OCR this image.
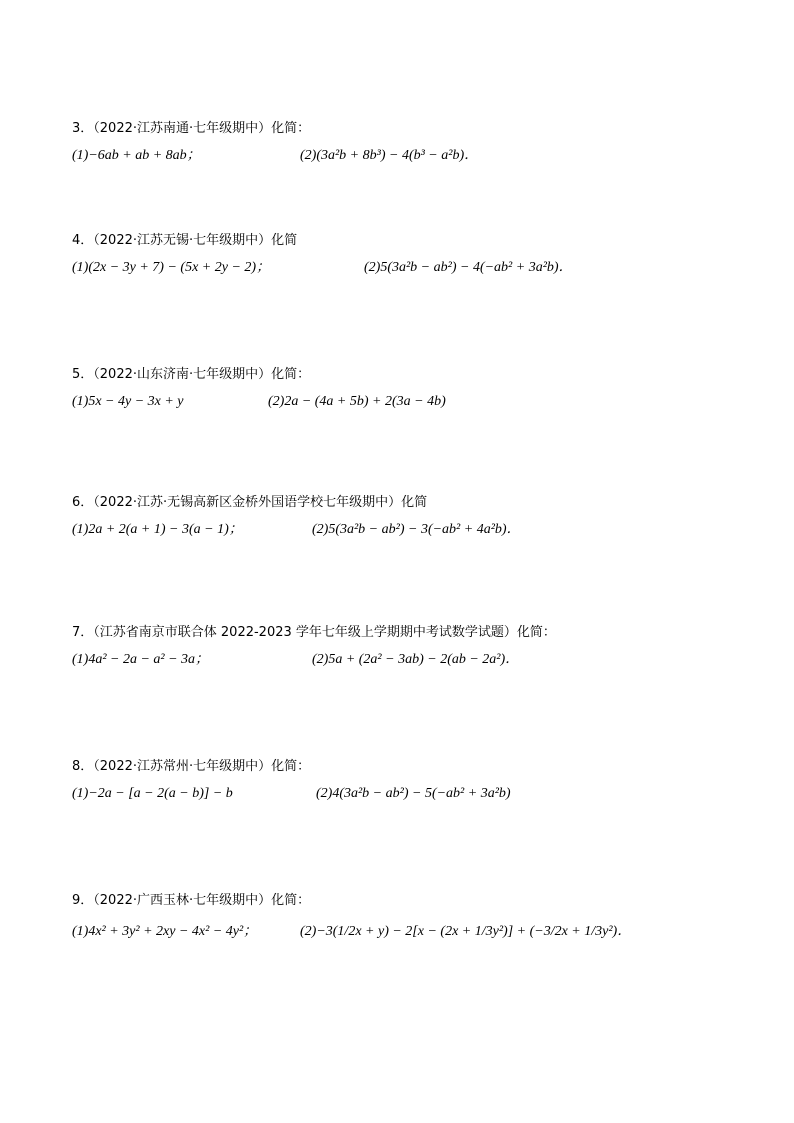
3．（2022·江苏南通·七年级期中）化简：
(1)−6ab + ab + 8ab；	(2)(3a²b + 8b³) − 4(b³ − a²b)．
4．（2022·江苏无锡·七年级期中）化简
(1)(2x − 3y + 7) − (5x + 2y − 2)；	(2)5(3a²b − ab²) − 4(−ab² + 3a²b)．
5．（2022·山东济南·七年级期中）化简：
(1)5x − 4y − 3x + y	(2)2a − (4a + 5b) + 2(3a − 4b)
6．（2022·江苏·无锡高新区金桥外国语学校七年级期中）化简
(1)2a + 2(a + 1) − 3(a − 1)；	(2)5(3a²b − ab²) − 3(−ab² + 4a²b)．
7．（江苏省南京市联合体 2022-2023 学年七年级上学期期中考试数学试题）化简：
(1)4a² − 2a − a² − 3a；	(2)5a + (2a² − 3ab) − 2(ab − 2a²)．
8．（2022·江苏常州·七年级期中）化简：
(1)−2a − [a − 2(a − b)] − b	(2)4(3a²b − ab²) − 5(−ab² + 3a²b)
9．（2022·广西玉林·七年级期中）化简：
(1)4x² + 3y² + 2xy − 4x² − 4y²；	(2)−3(1/2x + y) − 2[x − (2x + 1/3y²)] + (−3/2x + 1/3y²)．
